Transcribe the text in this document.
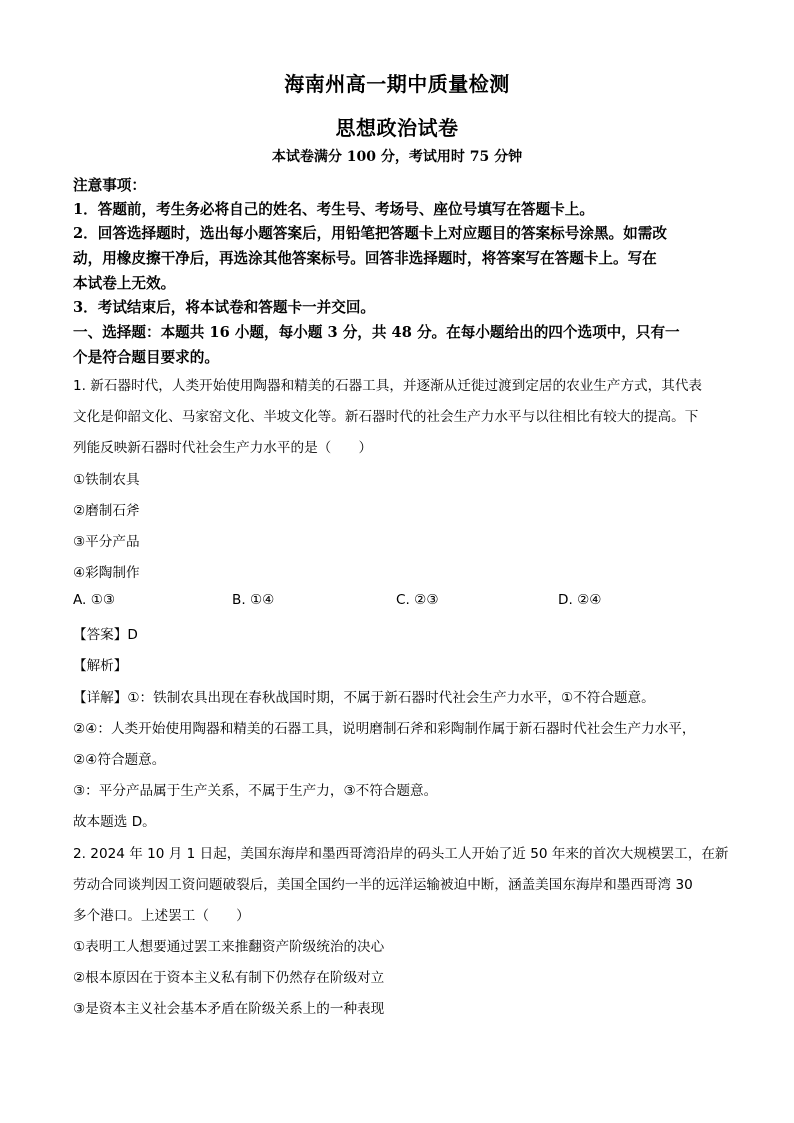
海南州高一期中质量检测
思想政治试卷
本试卷满分 100 分，考试用时 75 分钟
注意事项：
1．答题前，考生务必将自己的姓名、考生号、考场号、座位号填写在答题卡上。
2．回答选择题时，选出每小题答案后，用铅笔把答题卡上对应题目的答案标号涂黑。如需改
动，用橡皮擦干净后，再选涂其他答案标号。回答非选择题时，将答案写在答题卡上。写在
本试卷上无效。
3．考试结束后，将本试卷和答题卡一并交回。
一、选择题：本题共 16 小题，每小题 3 分，共 48 分。在每小题给出的四个选项中，只有一
个是符合题目要求的。
1. 新石器时代，人类开始使用陶器和精美的石器工具，并逐渐从迁徙过渡到定居的农业生产方式，其代表
文化是仰韶文化、马家窑文化、半坡文化等。新石器时代的社会生产力水平与以往相比有较大的提高。下
列能反映新石器时代社会生产力水平的是（　　）
①铁制农具
②磨制石斧
③平分产品
④彩陶制作
A. ①③	B. ①④	C. ②③	D. ②④
【答案】D
【解析】
【详解】①：铁制农具出现在春秋战国时期，不属于新石器时代社会生产力水平，①不符合题意。
②④：人类开始使用陶器和精美的石器工具，说明磨制石斧和彩陶制作属于新石器时代社会生产力水平，
②④符合题意。
③：平分产品属于生产关系，不属于生产力，③不符合题意。
故本题选 D。
2. 2024 年 10 月 1 日起，美国东海岸和墨西哥湾沿岸的码头工人开始了近 50 年来的首次大规模罢工，在新
劳动合同谈判因工资问题破裂后，美国全国约一半的远洋运输被迫中断，涵盖美国东海岸和墨西哥湾 30
多个港口。上述罢工（　　）
①表明工人想要通过罢工来推翻资产阶级统治的决心
②根本原因在于资本主义私有制下仍然存在阶级对立
③是资本主义社会基本矛盾在阶级关系上的一种表现
